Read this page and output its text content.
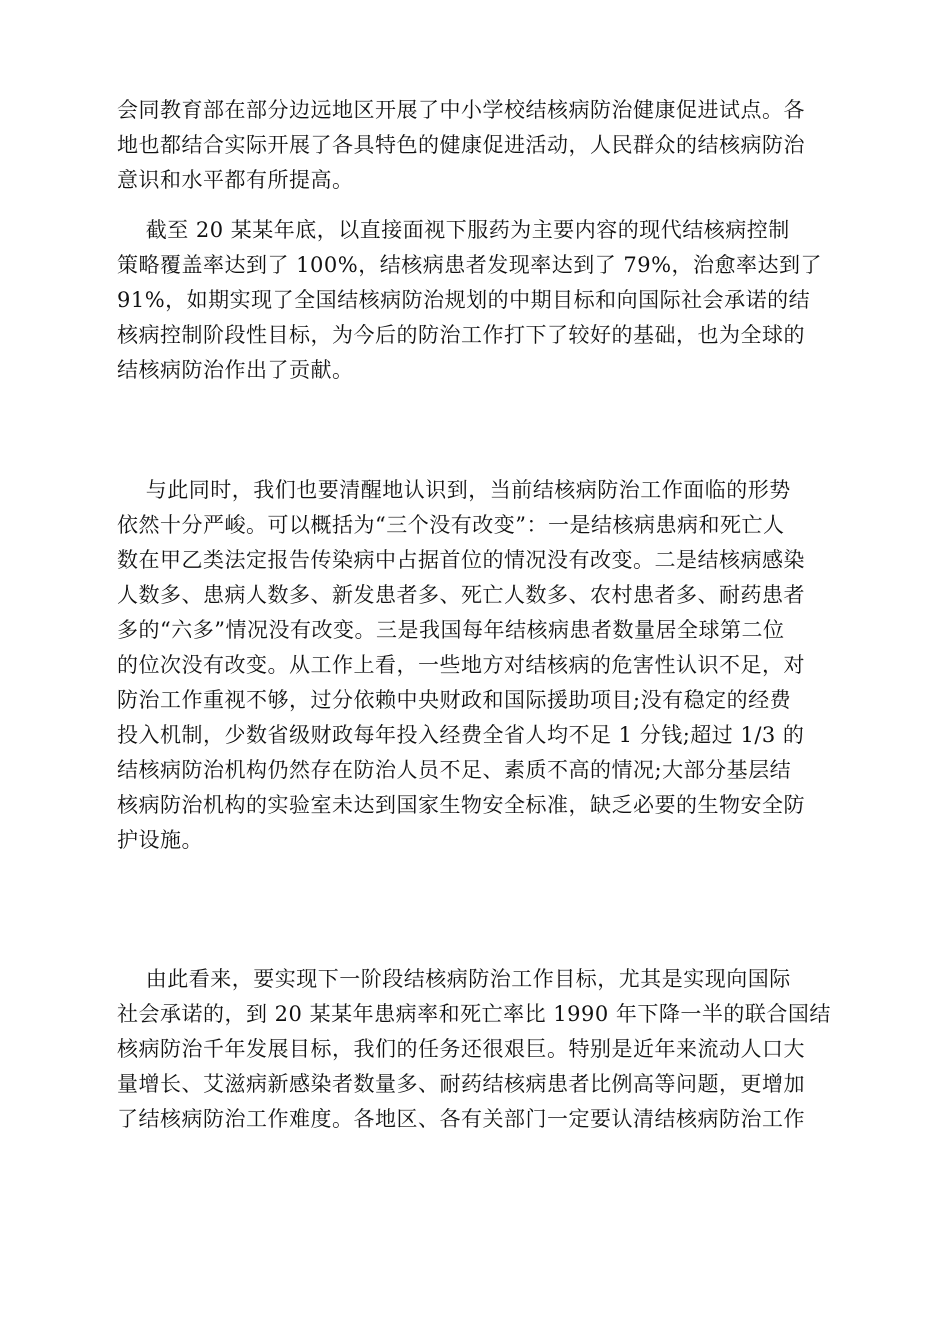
会同教育部在部分边远地区开展了中小学校结核病防治健康促进试点。各
地也都结合实际开展了各具特色的健康促进活动，人民群众的结核病防治
意识和水平都有所提高。
截至 20 某某年底，以直接面视下服药为主要内容的现代结核病控制
策略覆盖率达到了 100%，结核病患者发现率达到了 79%，治愈率达到了
91%，如期实现了全国结核病防治规划的中期目标和向国际社会承诺的结
核病控制阶段性目标，为今后的防治工作打下了较好的基础，也为全球的
结核病防治作出了贡献。
与此同时，我们也要清醒地认识到，当前结核病防治工作面临的形势
依然十分严峻。可以概括为“三个没有改变”：一是结核病患病和死亡人
数在甲乙类法定报告传染病中占据首位的情况没有改变。二是结核病感染
人数多、患病人数多、新发患者多、死亡人数多、农村患者多、耐药患者
多的“六多”情况没有改变。三是我国每年结核病患者数量居全球第二位
的位次没有改变。从工作上看，一些地方对结核病的危害性认识不足，对
防治工作重视不够，过分依赖中央财政和国际援助项目;没有稳定的经费
投入机制，少数省级财政每年投入经费全省人均不足 1 分钱;超过 1/3 的
结核病防治机构仍然存在防治人员不足、素质不高的情况;大部分基层结
核病防治机构的实验室未达到国家生物安全标准，缺乏必要的生物安全防
护设施。
由此看来，要实现下一阶段结核病防治工作目标，尤其是实现向国际
社会承诺的，到 20 某某年患病率和死亡率比 1990 年下降一半的联合国结
核病防治千年发展目标，我们的任务还很艰巨。特别是近年来流动人口大
量增长、艾滋病新感染者数量多、耐药结核病患者比例高等问题，更增加
了结核病防治工作难度。各地区、各有关部门一定要认清结核病防治工作
